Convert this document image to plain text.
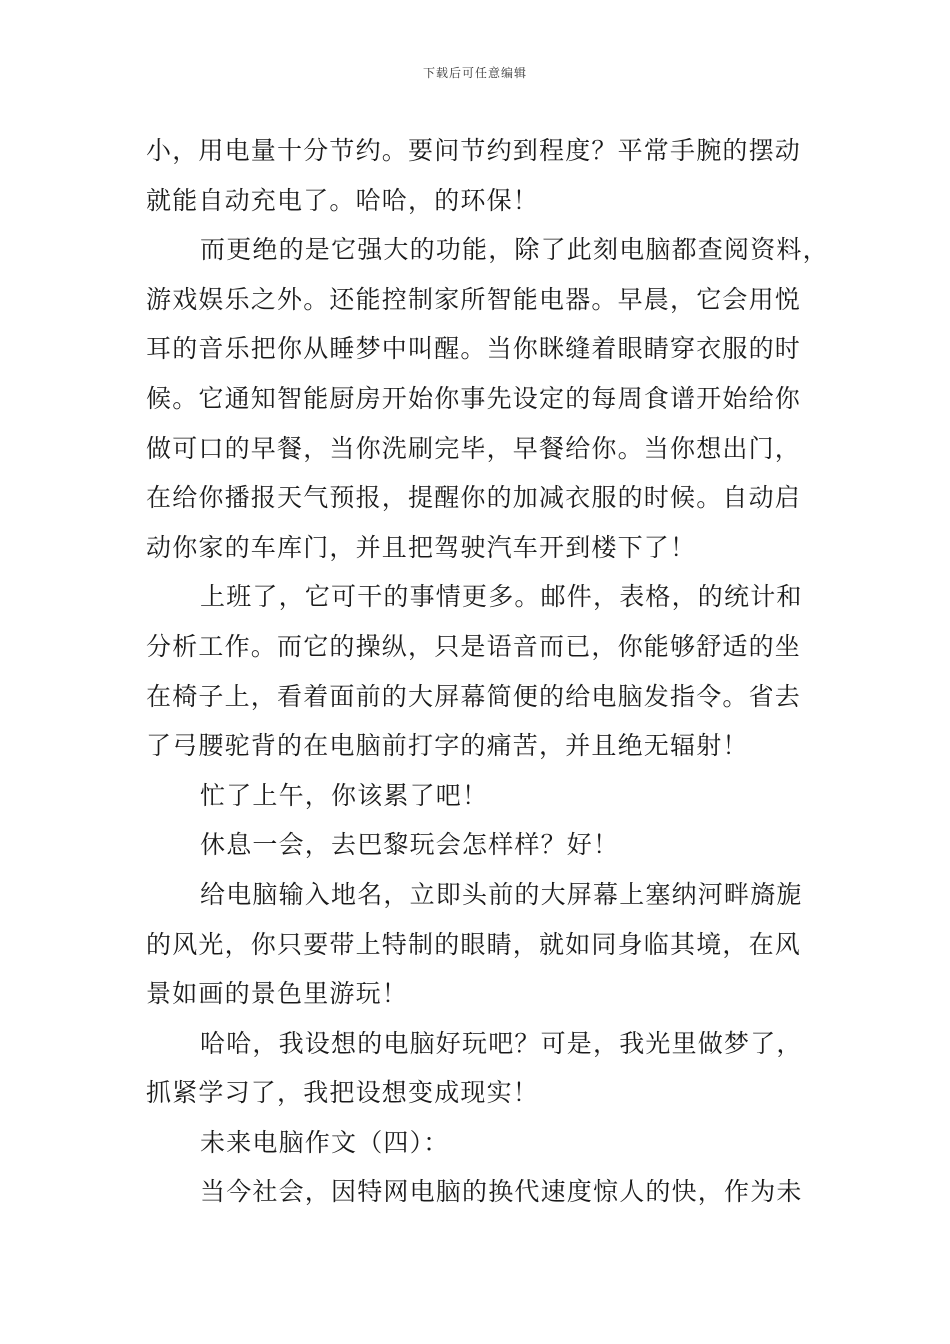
下载后可任意编辑
小，用电量十分节约。要问节约到程度？平常手腕的摆动
就能自动充电了。哈哈，的环保！
而更绝的是它强大的功能，除了此刻电脑都查阅资料，
游戏娱乐之外。还能控制家所智能电器。早晨，它会用悦
耳的音乐把你从睡梦中叫醒。当你眯缝着眼睛穿衣服的时
候。它通知智能厨房开始你事先设定的每周食谱开始给你
做可口的早餐，当你洗刷完毕，早餐给你。当你想出门，
在给你播报天气预报，提醒你的加减衣服的时候。自动启
动你家的车库门，并且把驾驶汽车开到楼下了！
上班了，它可干的事情更多。邮件，表格，的统计和
分析工作。而它的操纵，只是语音而已，你能够舒适的坐
在椅子上，看着面前的大屏幕简便的给电脑发指令。省去
了弓腰驼背的在电脑前打字的痛苦，并且绝无辐射！
忙了上午，你该累了吧！
休息一会，去巴黎玩会怎样样？好！
给电脑输入地名，立即头前的大屏幕上塞纳河畔旖旎
的风光，你只要带上特制的眼睛，就如同身临其境，在风
景如画的景色里游玩！
哈哈，我设想的电脑好玩吧？可是，我光里做梦了，
抓紧学习了，我把设想变成现实！
未来电脑作文（四）：
当今社会，因特网电脑的换代速度惊人的快，作为未
